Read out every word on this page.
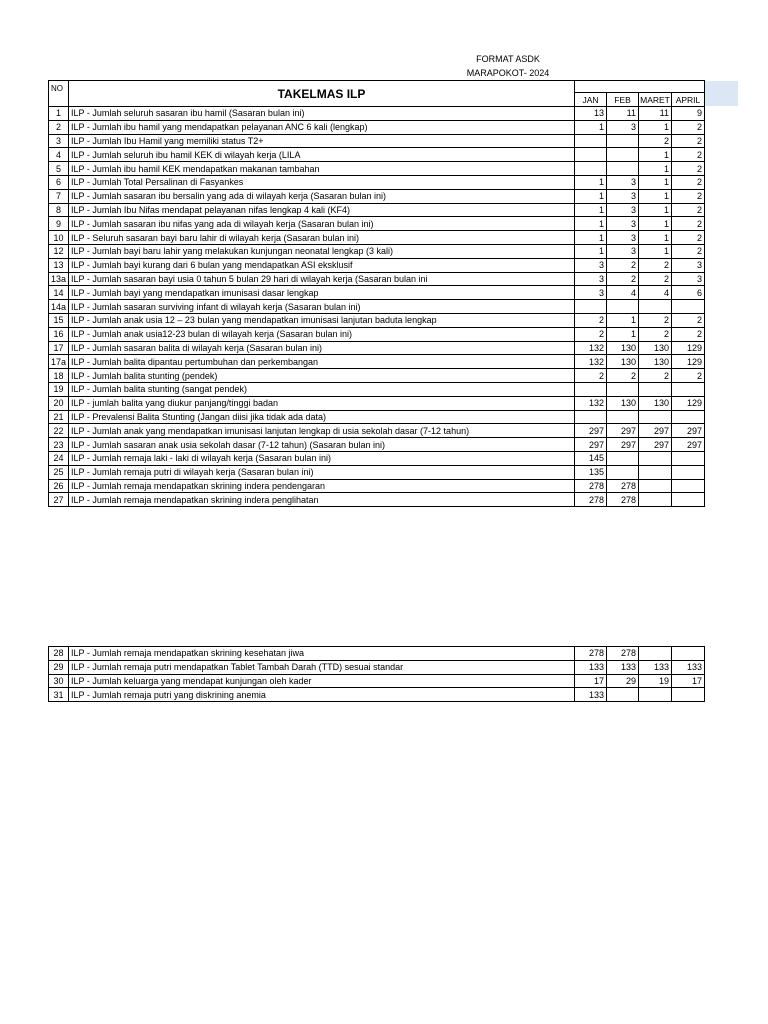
FORMAT ASDK
MARAPOKOT- 2024
NO	TAKELMAS ILP				
		JAN	FEB	MARET	APRIL
1	ILP - Jumlah seluruh sasaran ibu hamil (Sasaran bulan ini)	13	11	11	9
2	ILP - Jumlah ibu hamil yang mendapatkan pelayanan ANC 6 kali (lengkap)	1	3	1	2
3	ILP - Jumlah Ibu Hamil yang memiliki status T2+			2	2
4	ILP - Jumlah seluruh ibu hamil KEK di wilayah kerja (LILA			1	2
5	ILP - Jumlah ibu hamil KEK mendapatkan makanan tambahan			1	2
6	ILP - Jumlah Total Persalinan di Fasyankes	1	3	1	2
7	ILP - Jumlah sasaran ibu bersalin yang ada di wilayah kerja (Sasaran bulan ini)	1	3	1	2
8	ILP - Jumlah Ibu Nifas mendapat pelayanan nifas lengkap 4 kali (KF4)	1	3	1	2
9	ILP - Jumlah sasaran ibu nifas yang ada di wilayah kerja (Sasaran bulan ini)	1	3	1	2
10	ILP - Seluruh sasaran bayi baru lahir di wilayah kerja (Sasaran bulan ini)	1	3	1	2
12	ILP - Jumlah bayi baru lahir yang melakukan kunjungan neonatal lengkap (3 kali)	1	3	1	2
13	ILP - Jumlah bayi kurang dari 6 bulan yang mendapatkan ASI eksklusif	3	2	2	3
13a	ILP - Jumlah sasaran bayi usia 0 tahun 5 bulan 29 hari di wilayah kerja (Sasaran bulan ini	3	2	2	3
14	ILP - Jumlah bayi yang mendapatkan imunisasi dasar lengkap	3	4	4	6
14a	ILP - Jumlah sasaran surviving infant di wilayah kerja (Sasaran bulan ini)				
15	ILP - Jumlah anak usia 12 – 23 bulan yang mendapatkan imunisasi lanjutan baduta lengkap	2	1	2	2
16	ILP - Jumlah anak usia12-23 bulan di wilayah kerja (Sasaran bulan ini)	2	1	2	2
17	ILP - Jumlah sasaran balita di wilayah kerja (Sasaran bulan ini)	132	130	130	129
17a	ILP - Jumlah balita dipantau pertumbuhan dan perkembangan	132	130	130	129
18	ILP - Jumlah balita stunting (pendek)	2	2	2	2
19	ILP - Jumlah balita stunting (sangat pendek)				
20	ILP - jumlah balita yang diukur panjang/tinggi badan	132	130	130	129
21	ILP - Prevalensi Balita Stunting (Jangan diisi jika tidak ada data)				
22	ILP - Jumlah anak yang mendapatkan imunisasi lanjutan lengkap di usia sekolah dasar (7-12 tahun)	297	297	297	297
23	ILP - Jumlah sasaran anak usia sekolah dasar (7-12 tahun) (Sasaran bulan ini)	297	297	297	297
24	ILP - Jumlah remaja laki - laki di wilayah kerja (Sasaran bulan ini)	145			
25	ILP - Jumlah remaja putri di wilayah kerja (Sasaran bulan ini)	135			
26	ILP - Jumlah remaja mendapatkan skrining indera pendengaran	278	278		
27	ILP - Jumlah remaja mendapatkan skrining indera penglihatan	278	278		
28	ILP - Jumlah remaja mendapatkan skrining kesehatan jiwa	278	278		
29	ILP - Jumlah remaja putri mendapatkan Tablet Tambah Darah (TTD) sesuai standar	133	133	133	133
30	ILP - Jumlah keluarga yang mendapat kunjungan oleh kader	17	29	19	17
31	ILP - Jumlah remaja putri yang diskrining anemia	133			
